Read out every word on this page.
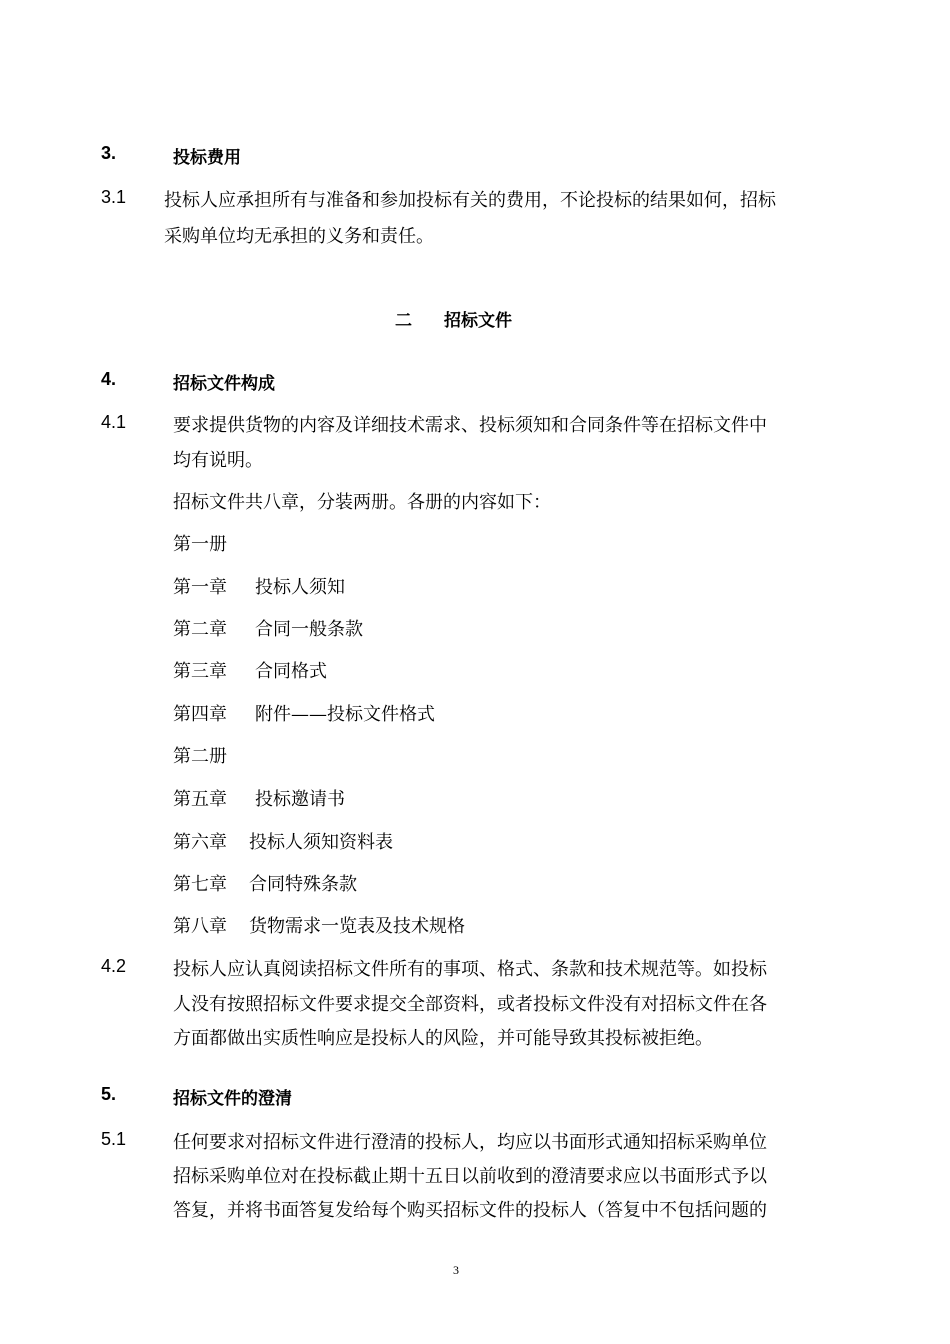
3.	投标费用
3.1 投标人应承担所有与准备和参加投标有关的费用，不论投标的结果如何，招标
采购单位均无承担的义务和责任。
二 招标文件
4.	招标文件构成
4.1	要求提供货物的内容及详细技术需求、投标须知和合同条件等在招标文件中
均有说明。
招标文件共八章，分装两册。各册的内容如下：
第一册
第一章 投标人须知
第二章 合同一般条款
第三章 合同格式
第四章 附件——投标文件格式
第二册
第五章 投标邀请书
第六章 投标人须知资料表
第七章 合同特殊条款
第八章 货物需求一览表及技术规格
4.2	投标人应认真阅读招标文件所有的事项、格式、条款和技术规范等。如投标
人没有按照招标文件要求提交全部资料，或者投标文件没有对招标文件在各
方面都做出实质性响应是投标人的风险，并可能导致其投标被拒绝。
5.	招标文件的澄清
5.1	任何要求对招标文件进行澄清的投标人，均应以书面形式通知招标采购单位
招标采购单位对在投标截止期十五日以前收到的澄清要求应以书面形式予以
答复，并将书面答复发给每个购买招标文件的投标人（答复中不包括问题的
3
